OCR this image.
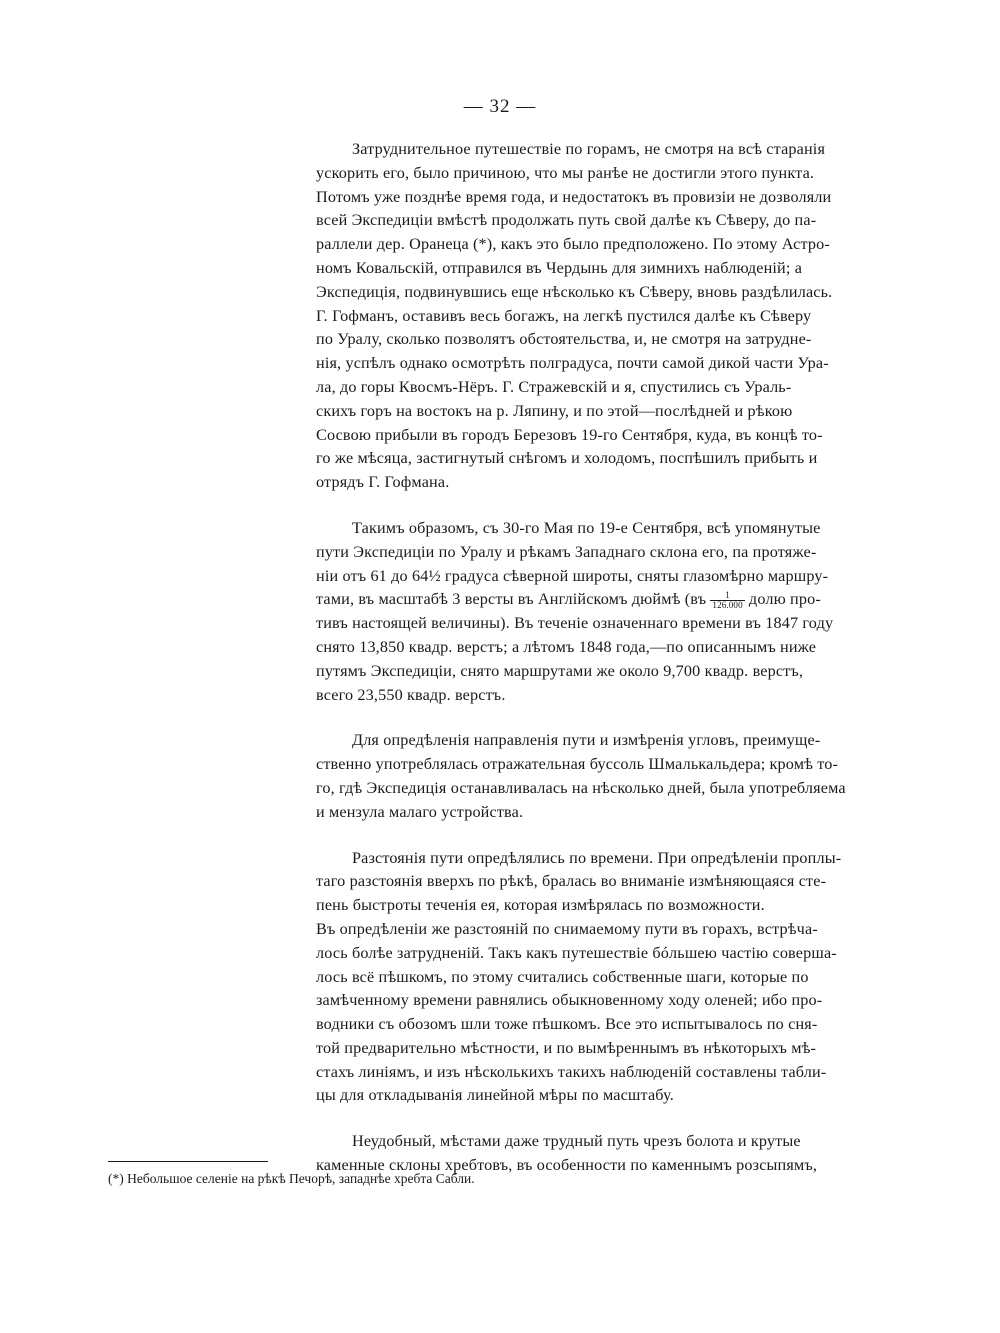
— 32 —

Затруднительное путешествіе по горамъ, не смотря на всѣ старанія
ускорить его, было причиною, что мы ранѣе не достигли этого пункта.
Потомъ уже позднѣе время года, и недостатокъ въ провизіи не дозволяли
всей Экспедиціи вмѣстѣ продолжать путь свой далѣе къ Сѣверу, до па-
раллели дер. Оранеца (*), какъ это было предположено. По этому Астро-
номъ Ковальскій, отправился въ Чердынь для зимнихъ наблюденій; а
Экспедиція, подвинувшись еще нѣсколько къ Сѣверу, вновь раздѣлилась.
Г. Гофманъ, оставивъ весь богажъ, на легкѣ пустился далѣе къ Сѣверу
по Уралу, сколько позволятъ обстоятельства, и, не смотря на затрудне-
нія, успѣлъ однако осмотрѣть полградуса, почти самой дикой части Ура-
ла, до горы Квосмъ-Нёръ. Г. Стражевскій и я, спустились съ Ураль-
скихъ горъ на востокъ на р. Ляпину, и по этой—послѣдней и рѣкою
Сосвою прибыли въ городъ Березовъ 19-го Сентября, куда, въ концѣ то-
го же мѣсяца, застигнутый снѣгомъ и холодомъ, поспѣшилъ прибыть и
отрядъ Г. Гофмана.

Такимъ образомъ, съ 30-го Мая по 19-е Сентября, всѣ упомянутые
пути Экспедиціи по Уралу и рѣкамъ Западнаго склона его, па протяже-
ніи отъ 61 до 64½ градуса сѣверной широты, сняты глазомѣрно маршру-
тами, въ масштабѣ 3 версты въ Англійскомъ дюймѣ ($въ \frac{1}{126.000}$ долю про-
тивъ настоящей величины). Въ теченіе означеннаго времени въ 1847 году
снято 13,850 квадр. верстъ; а лѣтомъ 1848 года,—по описаннымъ ниже
путямъ Экспедиціи, снято маршрутами же около 9,700 квадр. верстъ,
всего 23,550 квадр. верстъ.

Для опредѣленія направленія пути и измѣренія угловъ, преимуще-
ственно употреблялась отражательная буссоль Шмалькальдера; кромѣ то-
го, гдѣ Экспедиція останавливалась на нѣсколько дней, была употребляема
и мензула малаго устройства.

Разстоянія пути опредѣлялись по времени. При опредѣленіи проплы-
таго разстоянія вверхъ по рѣкѣ, бралась во вниманіе измѣняющаяся сте-
пень быстроты теченія ея, которая измѣрялась по возможности.
Въ опредѣленіи же разстояній по снимаемому пути въ горахъ, встрѣча-
лось болѣе затрудненій. Такъ какъ путешествіе бóльшею частію соверша-
лось всё пѣшкомъ, по этому считались собственные шаги, которые по
замѣченному времени равнялись обыкновенному ходу оленей; ибо про-
водники съ обозомъ шли тоже пѣшкомъ. Все это испытывалось по сня-
той предварительно мѣстности, и по вымѣреннымъ въ нѣкоторыхъ мѣ-
стахъ линіямъ, и изъ нѣсколькихъ такихъ наблюденій составлены табли-
цы для откладыванія линейной мѣры по масштабу.

Неудобный, мѣстами даже трудный путь чрезъ болота и крутые
каменные склоны хребтовъ, въ особенности по каменнымъ розсыпямъ,

(*) Небольшое селеніе на рѣкѣ Печорѣ, западнѣе хребта Сабли.
